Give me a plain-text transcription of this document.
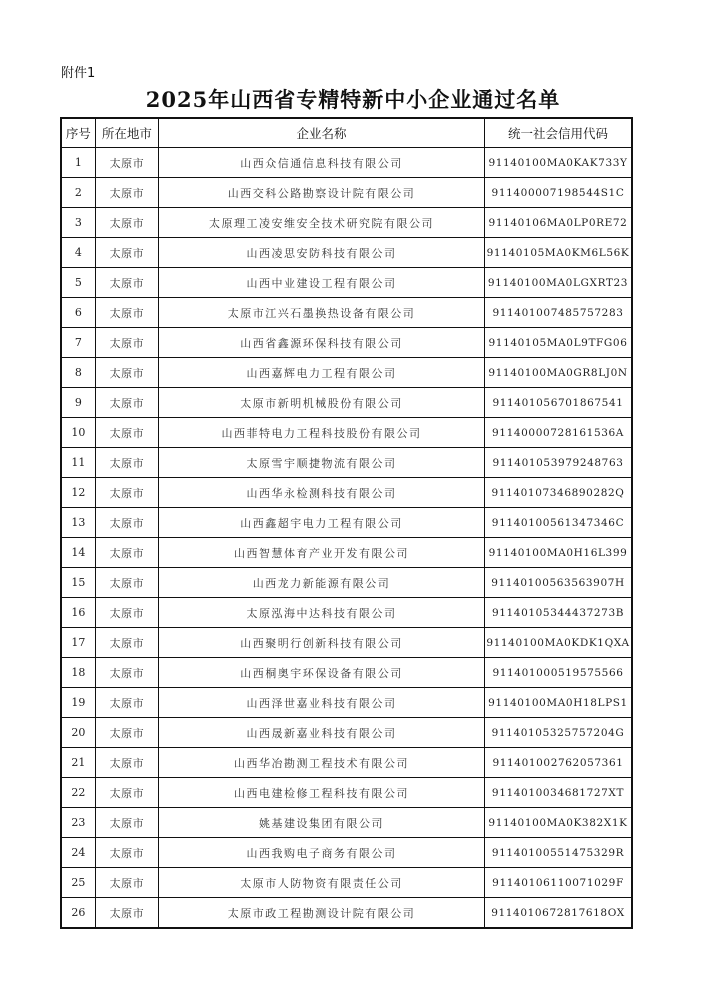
附件1
2025年山西省专精特新中小企业通过名单
序号	所在地市	企业名称	统一社会信用代码
1	太原市	山西众信通信息科技有限公司	91140100MA0KAK733Y
2	太原市	山西交科公路勘察设计院有限公司	911400007198544S1C
3	太原市	太原理工凌安维安全技术研究院有限公司	91140106MA0LP0RE72
4	太原市	山西凌思安防科技有限公司	91140105MA0KM6L56K
5	太原市	山西中业建设工程有限公司	91140100MA0LGXRT23
6	太原市	太原市江兴石墨换热设备有限公司	911401007485757283
7	太原市	山西省鑫源环保科技有限公司	91140105MA0L9TFG06
8	太原市	山西嘉辉电力工程有限公司	91140100MA0GR8LJ0N
9	太原市	太原市新明机械股份有限公司	911401056701867541
10	太原市	山西菲特电力工程科技股份有限公司	91140000728161536A
11	太原市	太原雪宇顺捷物流有限公司	911401053979248763
12	太原市	山西华永检测科技有限公司	91140107346890282Q
13	太原市	山西鑫超宇电力工程有限公司	91140100561347346C
14	太原市	山西智慧体育产业开发有限公司	91140100MA0H16L399
15	太原市	山西龙力新能源有限公司	91140100563563907H
16	太原市	太原泓海中达科技有限公司	91140105344437273B
17	太原市	山西聚明行创新科技有限公司	91140100MA0KDK1QXA
18	太原市	山西桐奥宇环保设备有限公司	911401000519575566
19	太原市	山西泽世嘉业科技有限公司	91140100MA0H18LPS1
20	太原市	山西晟新嘉业科技有限公司	91140105325757204G
21	太原市	山西华冶勘测工程技术有限公司	911401002762057361
22	太原市	山西电建检修工程科技有限公司	9114010034681727XT
23	太原市	姚基建设集团有限公司	91140100MA0K382X1K
24	太原市	山西我购电子商务有限公司	91140100551475329R
25	太原市	太原市人防物资有限责任公司	91140106110071029F
26	太原市	太原市政工程勘测设计院有限公司	9114010672817618OX
